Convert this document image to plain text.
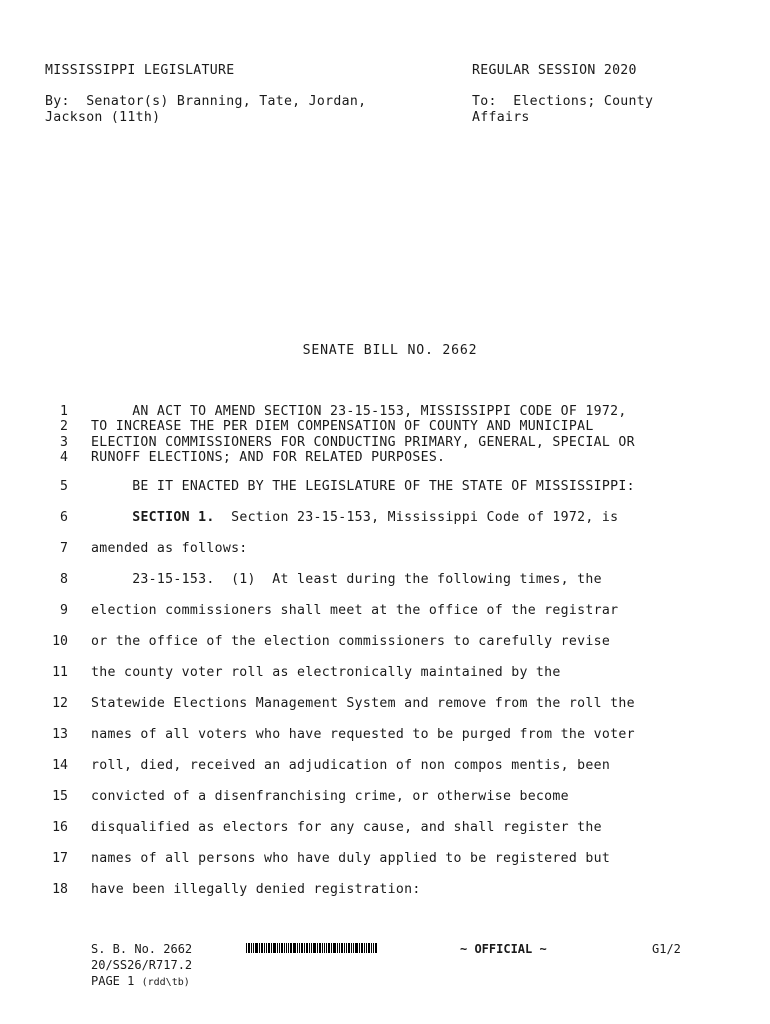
MISSISSIPPI LEGISLATURE	REGULAR SESSION 2020
By:  Senator(s) Branning, Tate, Jordan,
Jackson (11th)
To:  Elections; County
Affairs
SENATE BILL NO. 2662
1 AN ACT TO AMEND SECTION 23-15-153, MISSISSIPPI CODE OF 1972,
2 TO INCREASE THE PER DIEM COMPENSATION OF COUNTY AND MUNICIPAL
3 ELECTION COMMISSIONERS FOR CONDUCTING PRIMARY, GENERAL, SPECIAL OR
4 RUNOFF ELECTIONS; AND FOR RELATED PURPOSES.
5 BE IT ENACTED BY THE LEGISLATURE OF THE STATE OF MISSISSIPPI:
6	SECTION 1.  Section 23-15-153, Mississippi Code of 1972, is
7 amended as follows:
8 23-15-153.  (1)  At least during the following times, the
9 election commissioners shall meet at the office of the registrar
10 or the office of the election commissioners to carefully revise
11 the county voter roll as electronically maintained by the
12 Statewide Elections Management System and remove from the roll the
13 names of all voters who have requested to be purged from the voter
14 roll, died, received an adjudication of non compos mentis, been
15 convicted of a disenfranchising crime, or otherwise become
16 disqualified as electors for any cause, and shall register the
17 names of all persons who have duly applied to be registered but
18 have been illegally denied registration:
S. B. No. 2662	~ OFFICIAL ~	G1/2
20/SS26/R717.2
PAGE 1 (rdd\tb)
